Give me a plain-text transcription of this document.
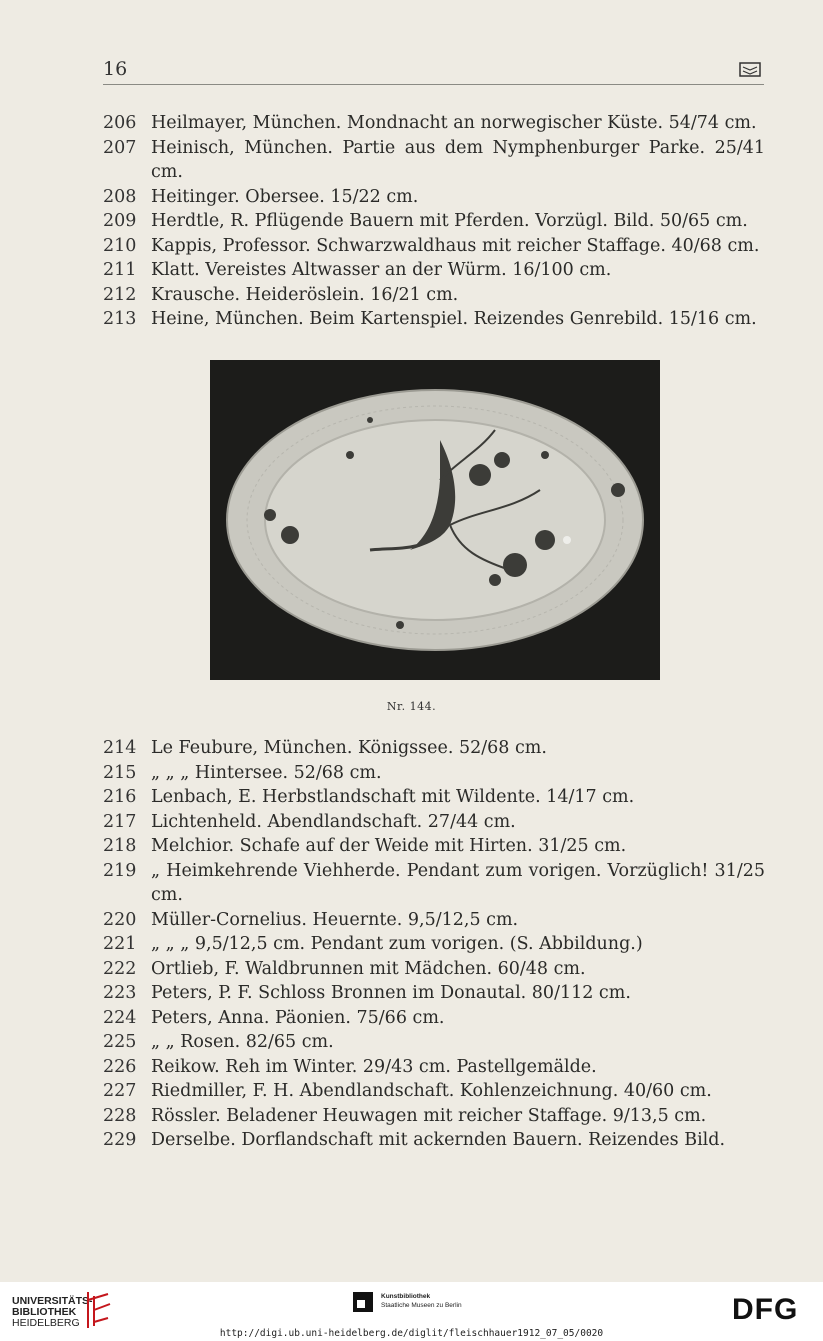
16
206 Heilmayer, München. Mondnacht an norwegischer Küste. 54/74 cm.
207 Heinisch, München. Partie aus dem Nymphenburger Parke. 25/41 cm.
208 Heitinger. Obersee. 15/22 cm.
209 Herdtle, R. Pflügende Bauern mit Pferden. Vorzügl. Bild. 50/65 cm.
210 Kappis, Professor. Schwarzwaldhaus mit reicher Staffage. 40/68 cm.
211 Klatt. Vereistes Altwasser an der Würm. 16/100 cm.
212 Krausche. Heideröslein. 16/21 cm.
213 Heine, München. Beim Kartenspiel. Reizendes Genrebild. 15/16 cm.
Nr. 144.
214 Le Feubure, München. Königssee. 52/68 cm.
215 „ „ „ Hintersee. 52/68 cm.
216 Lenbach, E. Herbstlandschaft mit Wildente. 14/17 cm.
217 Lichtenheld. Abendlandschaft. 27/44 cm.
218 Melchior. Schafe auf der Weide mit Hirten. 31/25 cm.
219 „ Heimkehrende Viehherde. Pendant zum vorigen. Vorzüglich! 31/25 cm.
220 Müller-Cornelius. Heuernte. 9,5/12,5 cm.
221 „ „ „ 9,5/12,5 cm. Pendant zum vorigen. (S. Abbildung.)
222 Ortlieb, F. Waldbrunnen mit Mädchen. 60/48 cm.
223 Peters, P. F. Schloss Bronnen im Donautal. 80/112 cm.
224 Peters, Anna. Päonien. 75/66 cm.
225 „ „ Rosen. 82/65 cm.
226 Reikow. Reh im Winter. 29/43 cm. Pastellgemälde.
227 Riedmiller, F. H. Abendlandschaft. Kohlenzeichnung. 40/60 cm.
228 Rössler. Beladener Heuwagen mit reicher Staffage. 9/13,5 cm.
229 Derselbe. Dorflandschaft mit ackernden Bauern. Reizendes Bild.
UNIVERSITÄTS-
BIBLIOTHEK
HEIDELBERG
Kunstbibliothek
Staatliche Museen zu Berlin	DFG
http://digi.ub.uni-heidelberg.de/diglit/fleischhauer1912_07_05/0020
